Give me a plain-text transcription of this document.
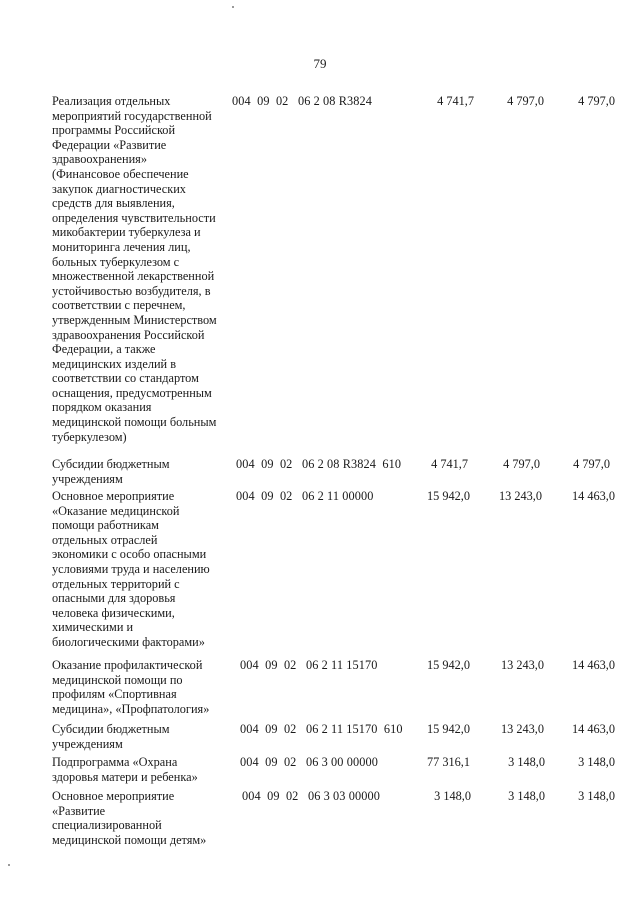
79
Реализация отдельных
мероприятий государственной
программы Российской
Федерации «Развитие
здравоохранения»
(Финансовое обеспечение
закупок диагностических
средств для выявления,
определения чувствительности
микобактерии туберкулеза и
мониторинга лечения лиц,
больных туберкулезом с
множественной лекарственной
устойчивостью возбудителя, в
соответствии с перечнем,
утвержденным Министерством
здравоохранения Российской
Федерации, а также
медицинских изделий в
соответствии со стандартом
оснащения, предусмотренным
порядком оказания
медицинской помощи больным
туберкулезом)
004  09  02   06 2 08 R3824	4 741,7	4 797,0	4 797,0
Субсидии бюджетным
учреждениям
004  09  02   06 2 08 R3824  610	4 741,7	4 797,0	4 797,0
Основное мероприятие
«Оказание медицинской
помощи работникам
отдельных отраслей
экономики с особо опасными
условиями труда и населению
отдельных территорий с
опасными для здоровья
человека физическими,
химическими и
биологическими факторами»
004  09  02   06 2 11 00000	15 942,0	13 243,0	14 463,0
Оказание профилактической
медицинской помощи по
профилям «Спортивная
медицина», «Профпатология»
004  09  02   06 2 11 15170	15 942,0	13 243,0	14 463,0
Субсидии бюджетным
учреждениям
004  09  02   06 2 11 15170  610	15 942,0	13 243,0	14 463,0
Подпрограмма «Охрана
здоровья матери и ребенка»
004  09  02   06 3 00 00000	77 316,1	3 148,0	3 148,0
Основное мероприятие
«Развитие
специализированной
медицинской помощи детям»
004  09  02   06 3 03 00000	3 148,0	3 148,0	3 148,0
